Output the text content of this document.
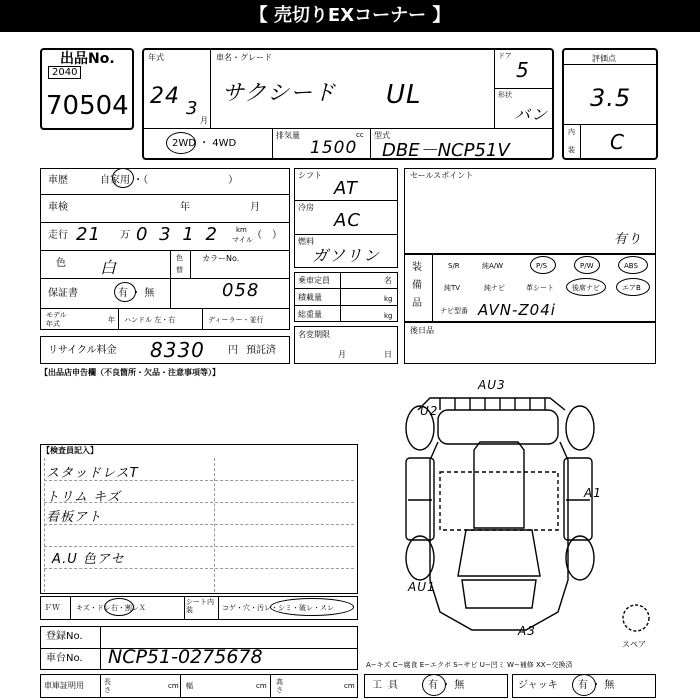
【 売切りEXコーナー 】
出品No.
2040
70504
年式
24 3
月
車名・グレード
サクシード UL
ドア
5
形状
バン
2WD ・ 4WD
排気量	cc
1500
型式
DBE－NCP51V
評価点
3.5
内
装 C
車歴	自家用 ・（　　　　　　　　）
車検	年	月
走行 21 万 0 3 1 2 km
マイル （　）
色 白	色
替
カラーNo.
058
保証書	有 ・ 無
モデル
年式	年 ハンドル 左・右	ディーラー・並行
リサイクル料金 8330 円 預託済
シフト
AT
冷房
AC
燃料
ガソリン
乗車定員	名
積載量	kg
総重量	kg
名変期限
月	日
セールスポイント
有り
装
備
品
S/R	純A/W	P/S	P/W	ABS
純TV	純ナビ	革シート	後席ナビ	エアB
ナビ型番 AVN-Z04i
後日品
【出品店申告欄（不良箇所・欠品・注意事項等）】
【検査員記入】
スタッドレスT
トリム キズ
看板アト
A.U 色アセ
ＦＷ キズ・ドレ右・割レＸ
シート内装	コゲ・穴・汚レ・シミ・破レ・スレ
登録No.
車台No. NCP51-0275678
車庫証明用	長さ	幅	高さ
cm	cm	cm
AU3
U2
A1
AU1
A3
スペア
A−キズ C−腐食 E−エクボ S−サビ U−凹ミ W−補修 XX−交換済
工具 有 ・ 無	ジャッキ 有 ・ 無
